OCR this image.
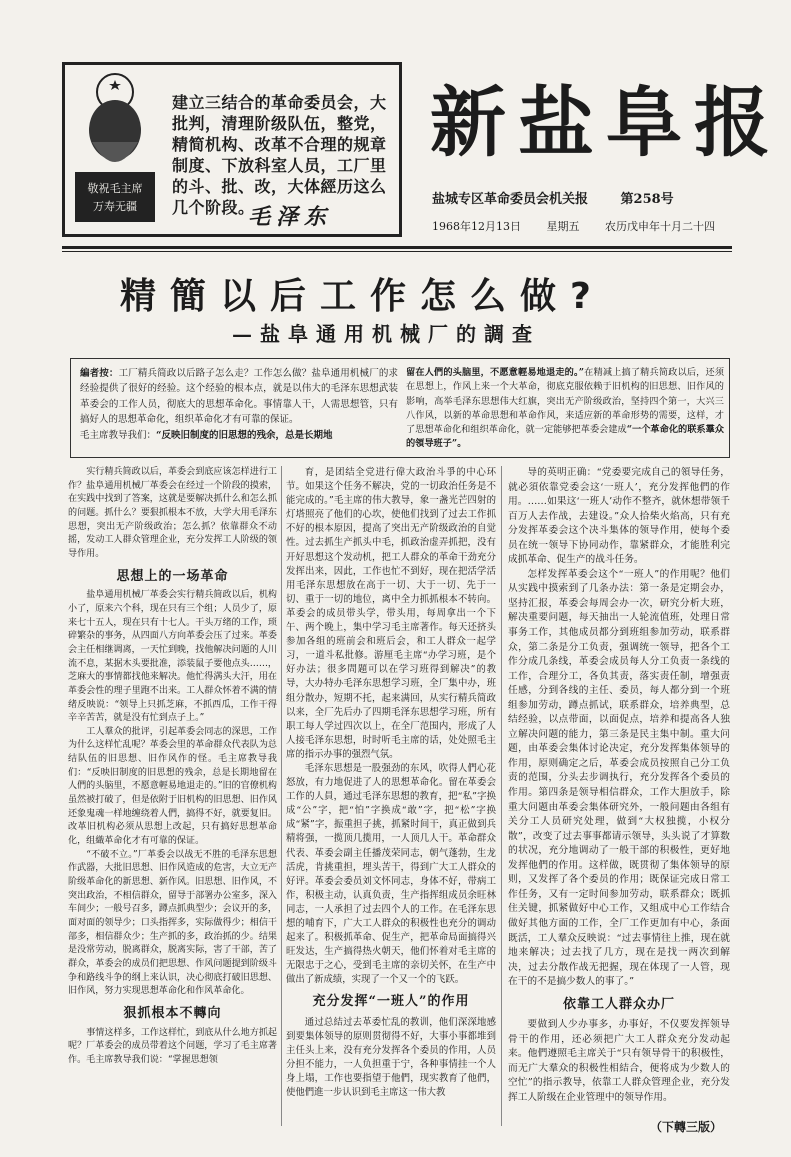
敬祝毛主席
万寿无疆
建立三结合的革命委员会，大批判，清理阶级队伍，整党，精简机构、改革不合理的规章制度、下放科室人员，工厂里的斗、批、改，大体經历这么几个阶段。
毛泽东
新盐阜报
盐城专区革命委员会机关报	第258号
1968年12月13日 星期五 农历戊申年十月二十四
精簡以后工作怎么做?
—盐阜通用机械厂的調查
編者按：工厂精兵简政以后路子怎么走？工作怎么做？盐阜通用机械厂的求经验提供了很好的经验。这个经验的根本点，就是以伟大的毛泽东思想武装革委会的工作人员，彻底大的思想革命化。事情靠人干，人需思想管，只有搞好人的思想革命化，组织革命化才有可靠的保证。
毛主席教导我们：“反映旧制度的旧思想的残余，总是长期地
留在人們的头脑里，不愿意輕易地退走的。”在精减上搞了精兵简政以后，还须在思想上，作风上来一个大革命，彻底克服依赖于旧机构的旧思想、旧作风的影响，高举毛泽东思想伟大红旗，突出无产阶级政治，坚持四个第一，大兴三八作风，以新的革命思想和革命作风，来适应新的革命形势的需要，这样，才了思想革命化和组织革命化，就一定能够把革委会建成“一个革命化的联系羣众的領导班子”。

实行精兵简政以后，革委会到底应该怎样进行工作？盐阜通用机械厂革委会在经过一个阶段的摸索，在实践中找到了答案，这就是要解决抓什么和怎么抓的问题。抓什么？要狠抓根本不放，大学大用毛泽东思想，突出无产阶级政治；怎么抓？依靠群众不动摇，发动工人群众管理企业，充分发挥工人阶级的领导作用。

思想上的一场革命

盐阜通用机械厂革委会实行精兵简政以后，机构小了，原来六个科，现在只有三个组；人员少了，原来七十五人，现在只有十七人。干头万绪的工作，琐碎繁杂的事务，从四面八方向革委会压了过来。革委会主任相继调离，一天忙到晚，找他解决问题的人川流不息，某据木头要批准，添装鼠子要他点头……，芝麻大的事情都找他来解决。他忙得满头大汗，用在革委会性的理子里跑不出来。工人群众怀着不满的情绪反映说：“领导上只抓芝麻，不抓西瓜，工作干得辛辛苦苦，就是没有忙到点子上。”

工人羣众的批评，引起革委会同志的深思，工作为什么这样忙乱呢？革委会里的革命群众代表队为总结队伍的旧思想、旧作风作的怪。毛主席教导我们：“反映旧制度的旧思想的残余，总是长期地留在人們的头脑里，不愿意輕易地退走的。”旧的官僚机构虽然被打破了，但是依附于旧机构的旧思想、旧作风还象鬼魂一样地缠绕着人們，搞得不好，就要复旧。改革旧机构必须从思想上改起，只有搞好思想革命化，组織革命化才有可靠的保证。

“不破不立。”厂革委会以战无不胜的毛泽东思想作武器，大批旧思想、旧作风造成的危害，大立无产阶级革命化的新思想、新作风。旧思想、旧作风，不突出政治，不相信群众，留导于部署办公室多，深入车间少；一般号召多，蹲点抓典型少；会议开的多，面对面的领导少；口头指挥多，实际做得少；相信干部多，相信群众少；生产抓的多，政治抓的少。结果是没常劳动，脱离群众，脱离实际，害了干部，苦了群众，革委会的成员们把思想、作风问题提到阶级斗争和路线斗争的纲上来认识，决心彻底打破旧思想、旧作风，努力实现思想革命化和作风革命化。

狠抓根本不轉向

事情这样多，工作这样忙，到底从什么地方抓起呢？厂革委会的成员带着这个问题，学习了毛主席著作。毛主席教导我们说：“掌握思想领

育，是团结全党进行偉大政治斗爭的中心环节。如果这个任务不解决，党的一切政治任务是不能完成的。”毛主席的伟大教导，象一盏光芒四射的灯塔照亮了他们的心坎，使他们找到了过去工作抓不好的根本原因，提高了突出无产阶级政治的自觉性。过去抓生产抓头中毛，抓政治虚弄抓把，没有开好思想这个发动机，把工人群众的革命干劲充分发挥出来，因此，工作也忙不到好，现在把活学活用毛泽东思想放在高于一切、大于一切、先于一切、重于一切的地位，离中全力抓抓根本不转向。革委会的成员带头学，带头用，每周拿出一个下午、两个晚上，集中学习毛主席著作。每天还挤头参加各组的班前会和班后会，和工人群众一起学习，一道斗私批修。游厘毛主席“办学习班，是个好办法；很多問題可以在学习班得到解决”的教导，大办特办毛泽东思想学习班，全厂集中办，班组分散办，短期不托，起来满回，从实行精兵简政以来，全厂先后办了四期毛泽东思想学习班，所有职工每人学过四次以上，在全厂范围内，形成了人人接毛泽东思想，时时听毛主席的话，处处照毛主席的指示办事的强烈气氛。

毛泽东思想是一股强劲的东风，吹得人們心花怒放，有力地促进了人的思想革命化。留在革委会工作的人員，通过毛泽东思想的教育，把“私”字换成“公”字，把“怕”字换成“敢”字，把“松”字换成“紧”字，振重担子挑，抓紧时间干，真正做到兵精将强，一揽顶几揽用，一人顶几人干。革命群众代表、革委会副主任播茂荣同志，朝气蓬勃，生龙活虎，肯挑重担，埋头苦干，得到广大工人群众的好评。革委会委员刘文怀同志，身体不好，带病工作，积极主动，认真负责，生产指挥组成员余旺林同志，一人承担了过去四个人的工作。在毛泽东思想的哺育下，广大工人群众的积极性也充分的调动起来了。积极抓革命、促生产，把革命局面搞得兴旺发达，生产搞得热火朝天，他们怀着对毛主席的无限忠于之心，受到毛主席的亲切关怀，在生产中做出了新成绩，实现了一个又一个的飞跃。

充分发挥“一班人”的作用

通过总結过去革委忙乱的教训，他们深深地感到要集体领导的原则贯彻得不好，大事小事都堆到主任头上来，没有充分发挥各个委员的作用，人员分担不能力，一人负担重于宁，各种事情挂一个人身上塌，工作也要指望于他們，现实教育了他們，使他們進一步认识到毛主席这一伟大教

导的英明正确：“党委要完成自己的領导任务，就必須依靠党委会这‘一班人’，充分发挥他們的作用。……如果这‘一班人’动作不整齐，就休想带领千百万人去作战，去建设。”众人拾柴火焰高，只有充分发挥革委会这个决斗集体的领导作用，使每个委员在统一领导下协同动作，靠紧群众，才能胜利完成抓革命、促生产的战斗任务。

怎样发挥革委会这个“一班人”的作用呢？他们从实践中摸索到了几条办法：第一条是定期会办，坚持汇报，革委会每周会办一次，研究分析大班，解决重要问题，每天抽出一人轮流值班，处理日常事务工作，其他成员都分到班组参加劳动，联系群众，第二条是分工负责，强调统一领导，把各个工作分成几条线，革委会成员每人分工负责一条线的工作，合理分工，各负其责，落实责任制，增强责任感，分到各线的主任、委员，每人都分到一个班组参加劳动，蹲点抓试，联系群众，培养典型，总结经验，以点带面，以面促点，培养和提高各人独立解决问题的能力，第三条是民主集中制。重大问题，由革委会集体讨论决定，充分发挥集体领导的作用，原则确定之后，革委会成员按照自己分工负责的范围，分头去步调执行，充分发挥各个委员的作用。第四条是领导相信群众，工作大胆放手，除重大问题由革委会集体研究外，一般问题由各组有关分工人员研究处理，做到“大权独揽，小权分散”，改变了过去事事都请示领导，头头说了才算数的状况，充分地调动了一般干部的积极性，更好地发挥他們的作用。这样做，既贯彻了集体领导的原则，又发挥了各个委员的作用；既保证完成日常工作任务，又有一定时间参加劳动，联系群众；既抓住关键，抓紧做好中心工作，又组成中心工作结合做好其他方面的工作，全厂工作更加有中心，条面既活，工人羣众反映说：“过去事情往上推，现在就地来解决；过去找了几方，现在是找一两次到解决，过去分散作战无把握，现在体现了一人管，现在干的不是搞少数人的事了。”

依靠工人群众办厂

要做到人少办事多，办事好，不仅要发挥领导骨干的作用，还必须把广大工人群众充分发动起来。他們遵照毛主席关于“只有领导骨干的积极性，而无广大羣众的积极性相結合，便将成为少数人的空忙”的指示教导，依靠工人群众管理企业，充分发挥工人阶级在企业管理中的领导作用。

（下轉三版）
